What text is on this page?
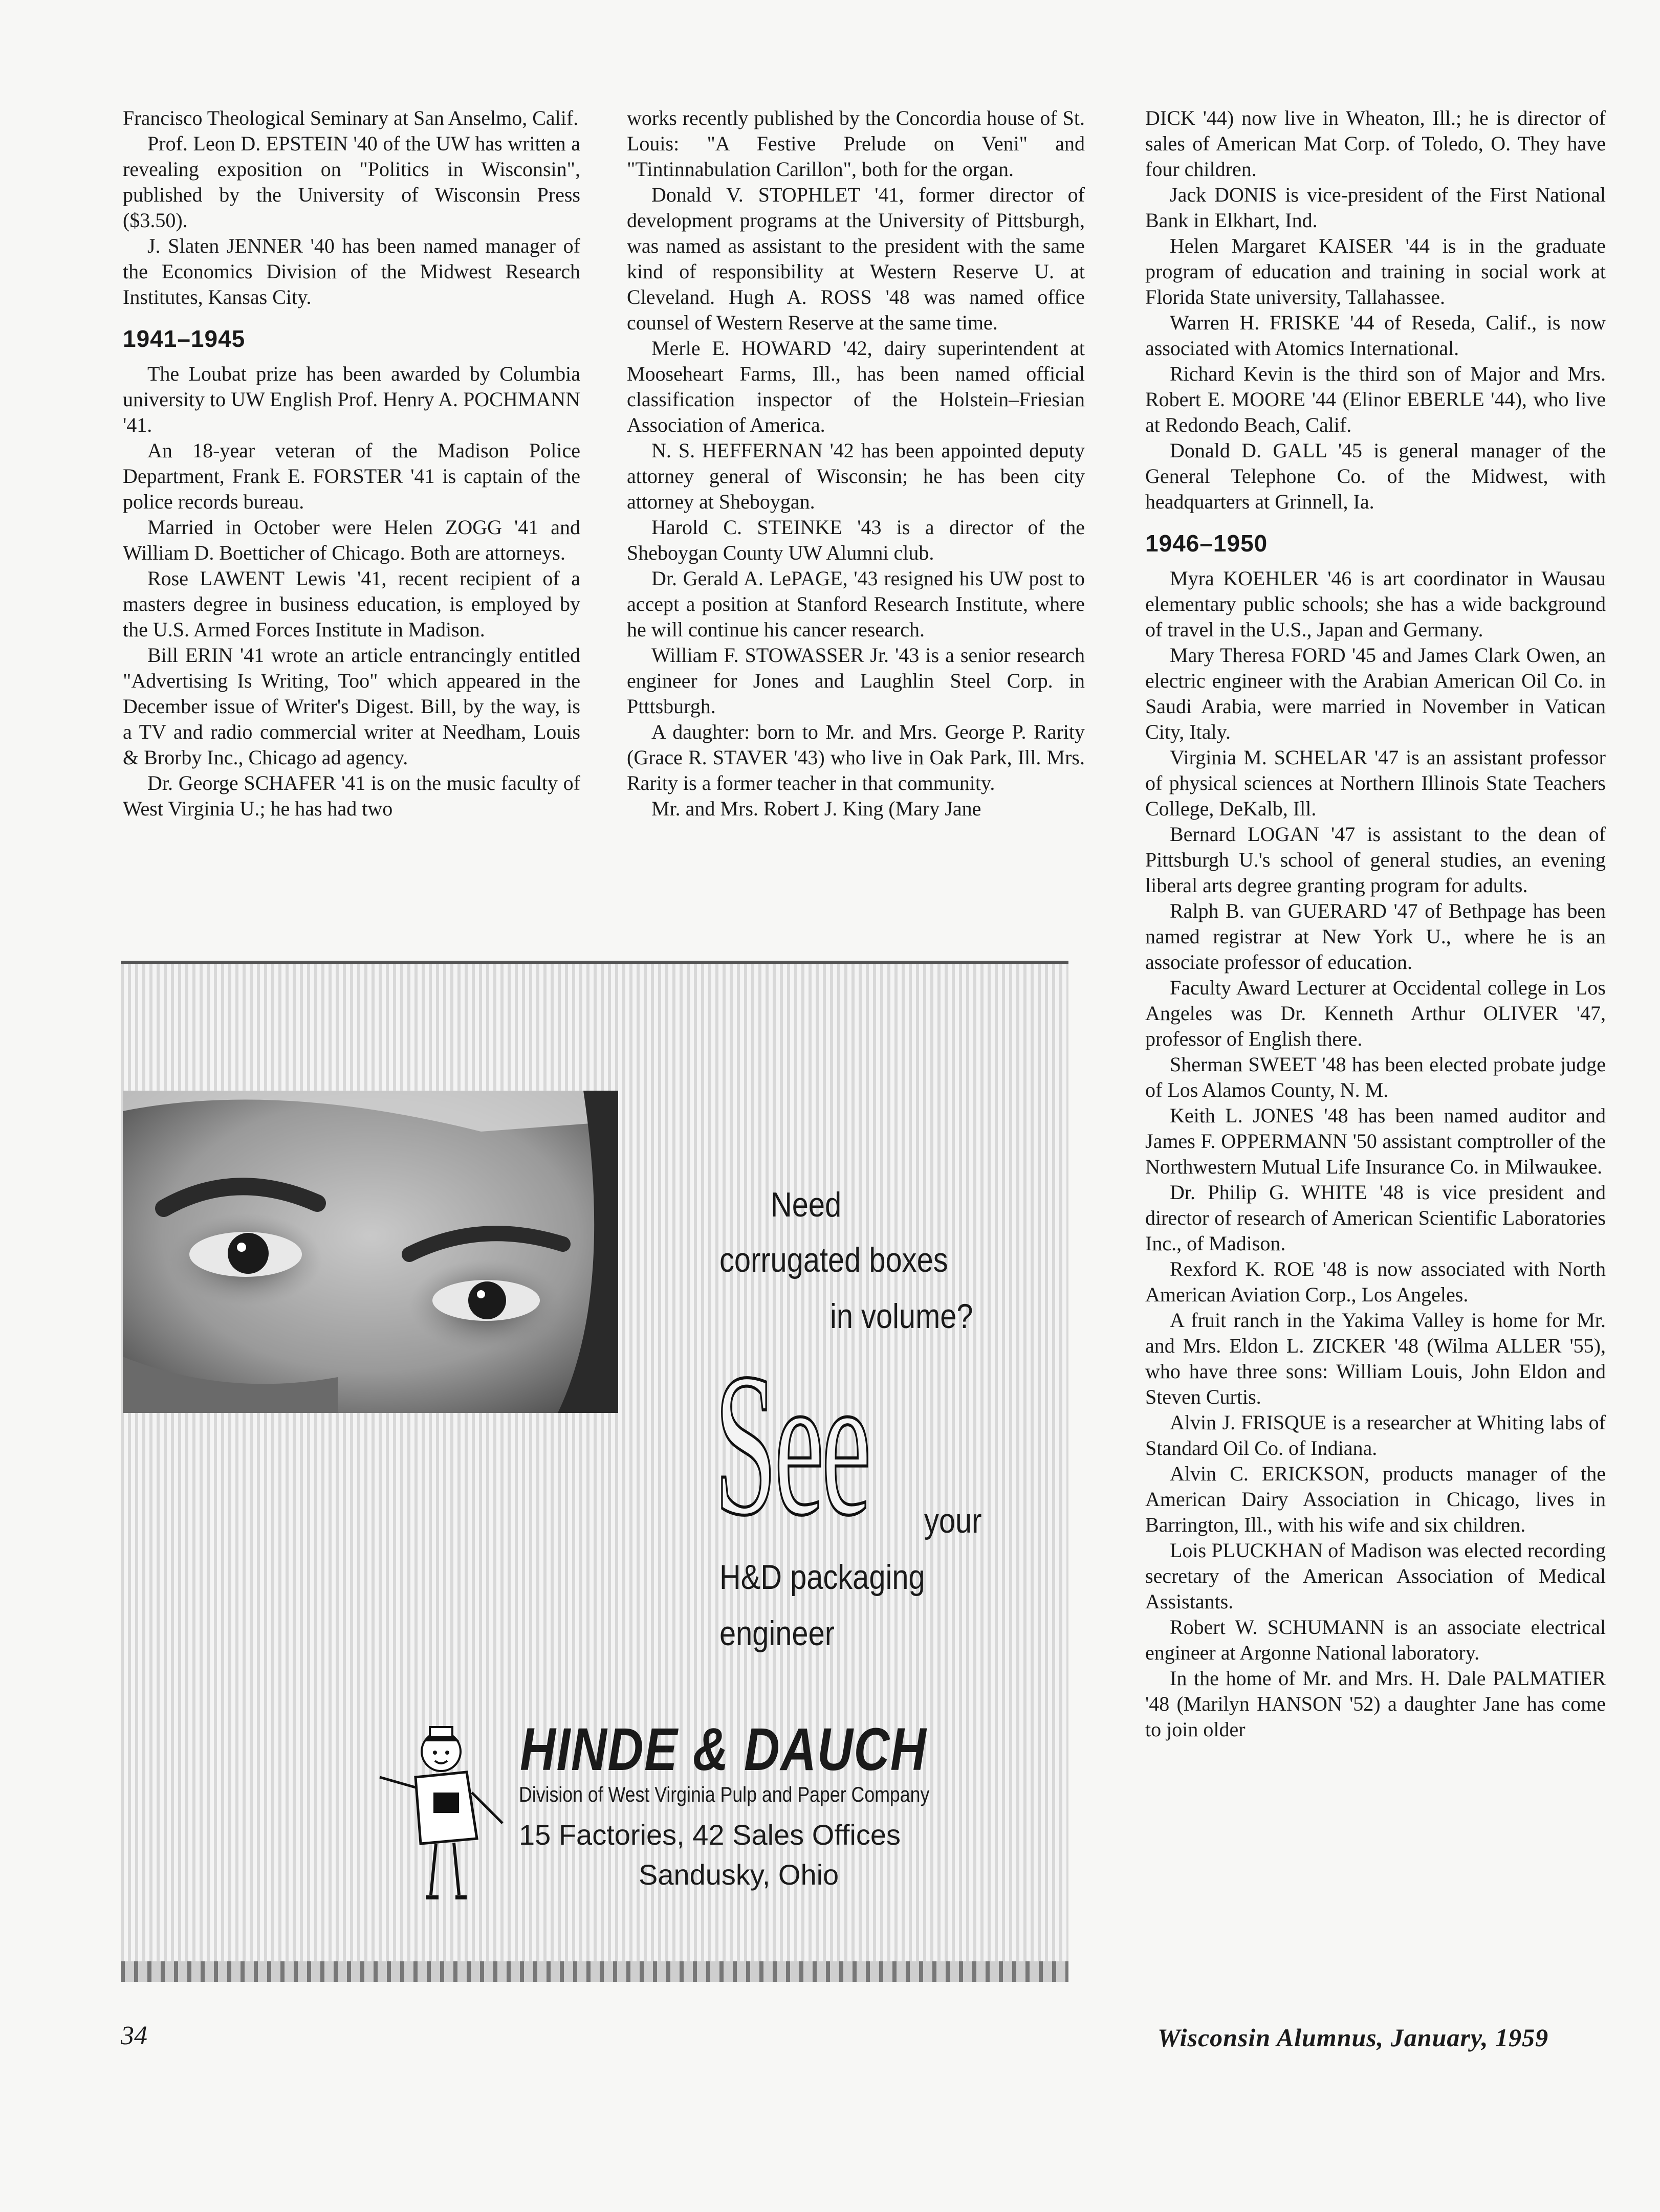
Francisco Theological Seminary at San Anselmo, Calif.

Prof. Leon D. EPSTEIN '40 of the UW has written a revealing exposition on "Politics in Wisconsin", published by the University of Wisconsin Press ($3.50).

J. Slaten JENNER '40 has been named manager of the Economics Division of the Midwest Research Institutes, Kansas City.

1941–1945

The Loubat prize has been awarded by Columbia university to UW English Prof. Henry A. POCHMANN '41.

An 18-year veteran of the Madison Police Department, Frank E. FORSTER '41 is captain of the police records bureau.

Married in October were Helen ZOGG '41 and William D. Boetticher of Chicago. Both are attorneys.

Rose LAWENT Lewis '41, recent recipient of a masters degree in business education, is employed by the U.S. Armed Forces Institute in Madison.

Bill ERIN '41 wrote an article entrancingly entitled "Advertising Is Writing, Too" which appeared in the December issue of Writer's Digest. Bill, by the way, is a TV and radio commercial writer at Needham, Louis & Brorby Inc., Chicago ad agency.

Dr. George SCHAFER '41 is on the music faculty of West Virginia U.; he has had two

works recently published by the Concordia house of St. Louis: "A Festive Prelude on Veni" and "Tintinnabulation Carillon", both for the organ.

Donald V. STOPHLET '41, former director of development programs at the University of Pittsburgh, was named as assistant to the president with the same kind of responsibility at Western Reserve U. at Cleveland. Hugh A. ROSS '48 was named office counsel of Western Reserve at the same time.

Merle E. HOWARD '42, dairy superintendent at Mooseheart Farms, Ill., has been named official classification inspector of the Holstein–Friesian Association of America.

N. S. HEFFERNAN '42 has been appointed deputy attorney general of Wisconsin; he has been city attorney at Sheboygan.

Harold C. STEINKE '43 is a director of the Sheboygan County UW Alumni club.

Dr. Gerald A. LePAGE, '43 resigned his UW post to accept a position at Stanford Research Institute, where he will continue his cancer research.

William F. STOWASSER Jr. '43 is a senior research engineer for Jones and Laughlin Steel Corp. in Ptttsburgh.

A daughter: born to Mr. and Mrs. George P. Rarity (Grace R. STAVER '43) who live in Oak Park, Ill. Mrs. Rarity is a former teacher in that community.

Mr. and Mrs. Robert J. King (Mary Jane

DICK '44) now live in Wheaton, Ill.; he is director of sales of American Mat Corp. of Toledo, O. They have four children.

Jack DONIS is vice-president of the First National Bank in Elkhart, Ind.

Helen Margaret KAISER '44 is in the graduate program of education and training in social work at Florida State university, Tallahassee.

Warren H. FRISKE '44 of Reseda, Calif., is now associated with Atomics International.

Richard Kevin is the third son of Major and Mrs. Robert E. MOORE '44 (Elinor EBERLE '44), who live at Redondo Beach, Calif.

Donald D. GALL '45 is general manager of the General Telephone Co. of the Midwest, with headquarters at Grinnell, Ia.

1946–1950

Myra KOEHLER '46 is art coordinator in Wausau elementary public schools; she has a wide background of travel in the U.S., Japan and Germany.

Mary Theresa FORD '45 and James Clark Owen, an electric engineer with the Arabian American Oil Co. in Saudi Arabia, were married in November in Vatican City, Italy.

Virginia M. SCHELAR '47 is an assistant professor of physical sciences at Northern Illinois State Teachers College, DeKalb, Ill.

Bernard LOGAN '47 is assistant to the dean of Pittsburgh U.'s school of general studies, an evening liberal arts degree granting program for adults.

Ralph B. van GUERARD '47 of Bethpage has been named registrar at New York U., where he is an associate professor of education.

Faculty Award Lecturer at Occidental college in Los Angeles was Dr. Kenneth Arthur OLIVER '47, professor of English there.

Sherman SWEET '48 has been elected probate judge of Los Alamos County, N. M.

Keith L. JONES '48 has been named auditor and James F. OPPERMANN '50 assistant comptroller of the Northwestern Mutual Life Insurance Co. in Milwaukee.

Dr. Philip G. WHITE '48 is vice president and director of research of American Scientific Laboratories Inc., of Madison.

Rexford K. ROE '48 is now associated with North American Aviation Corp., Los Angeles.

A fruit ranch in the Yakima Valley is home for Mr. and Mrs. Eldon L. ZICKER '48 (Wilma ALLER '55), who have three sons: William Louis, John Eldon and Steven Curtis.

Alvin J. FRISQUE is a researcher at Whiting labs of Standard Oil Co. of Indiana.

Alvin C. ERICKSON, products manager of the American Dairy Association in Chicago, lives in Barrington, Ill., with his wife and six children.

Lois PLUCKHAN of Madison was elected recording secretary of the American Association of Medical Assistants.

Robert W. SCHUMANN is an associate electrical engineer at Argonne National laboratory.

In the home of Mr. and Mrs. H. Dale PALMATIER '48 (Marilyn HANSON '52) a daughter Jane has come to join older

Need
corrugated boxes
in volume?
See your
H&D packaging
engineer
HINDE & DAUCH
Division of West Virginia Pulp and Paper Company
15 Factories, 42 Sales Offices
Sandusky, Ohio
34	Wisconsin Alumnus, January, 1959
